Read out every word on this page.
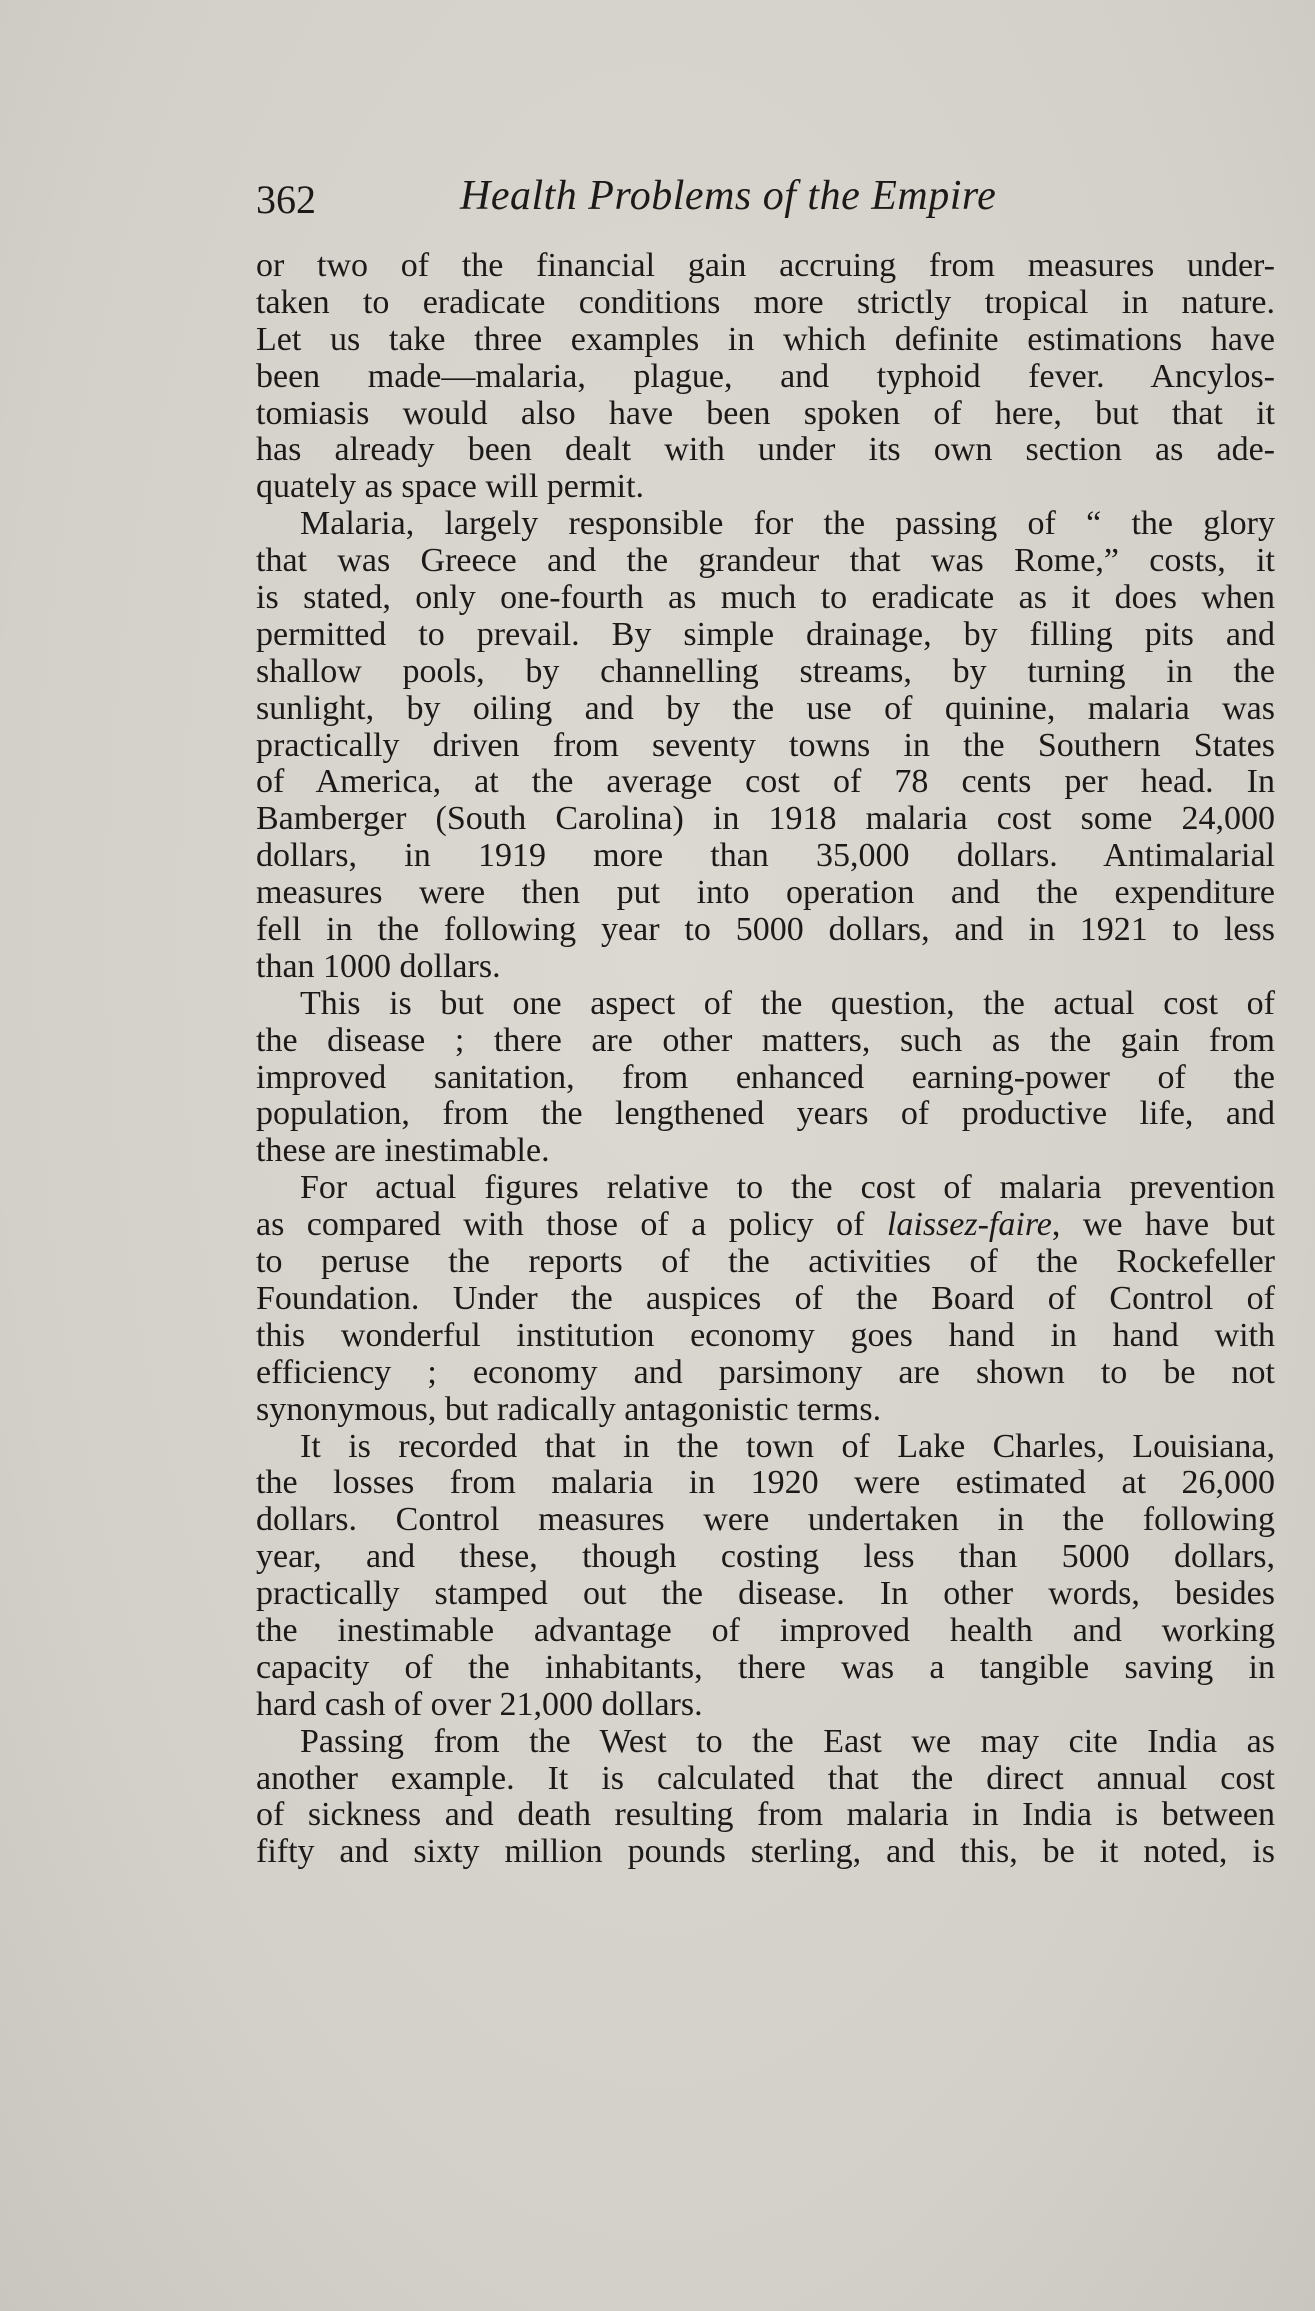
362	Health Problems of the Empire
or two of the financial gain accruing from measures under-
taken to eradicate conditions more strictly tropical in nature.
Let us take three examples in which definite estimations have
been made—malaria, plague, and typhoid fever. Ancylos-
tomiasis would also have been spoken of here, but that it
has already been dealt with under its own section as ade-
quately as space will permit.
Malaria, largely responsible for the passing of “ the glory
that was Greece and the grandeur that was Rome,” costs, it
is stated, only one-fourth as much to eradicate as it does when
permitted to prevail. By simple drainage, by filling pits and
shallow pools, by channelling streams, by turning in the
sunlight, by oiling and by the use of quinine, malaria was
practically driven from seventy towns in the Southern States
of America, at the average cost of 78 cents per head. In
Bamberger (South Carolina) in 1918 malaria cost some 24,000
dollars, in 1919 more than 35,000 dollars. Antimalarial
measures were then put into operation and the expenditure
fell in the following year to 5000 dollars, and in 1921 to less
than 1000 dollars.
This is but one aspect of the question, the actual cost of
the disease ; there are other matters, such as the gain from
improved sanitation, from enhanced earning-power of the
population, from the lengthened years of productive life, and
these are inestimable.
For actual figures relative to the cost of malaria prevention
as compared with those of a policy of laissez-faire, we have but
to peruse the reports of the activities of the Rockefeller
Foundation. Under the auspices of the Board of Control of
this wonderful institution economy goes hand in hand with
efficiency ; economy and parsimony are shown to be not
synonymous, but radically antagonistic terms.
It is recorded that in the town of Lake Charles, Louisiana,
the losses from malaria in 1920 were estimated at 26,000
dollars. Control measures were undertaken in the following
year, and these, though costing less than 5000 dollars,
practically stamped out the disease. In other words, besides
the inestimable advantage of improved health and working
capacity of the inhabitants, there was a tangible saving in
hard cash of over 21,000 dollars.
Passing from the West to the East we may cite India as
another example. It is calculated that the direct annual cost
of sickness and death resulting from malaria in India is between
fifty and sixty million pounds sterling, and this, be it noted, is
